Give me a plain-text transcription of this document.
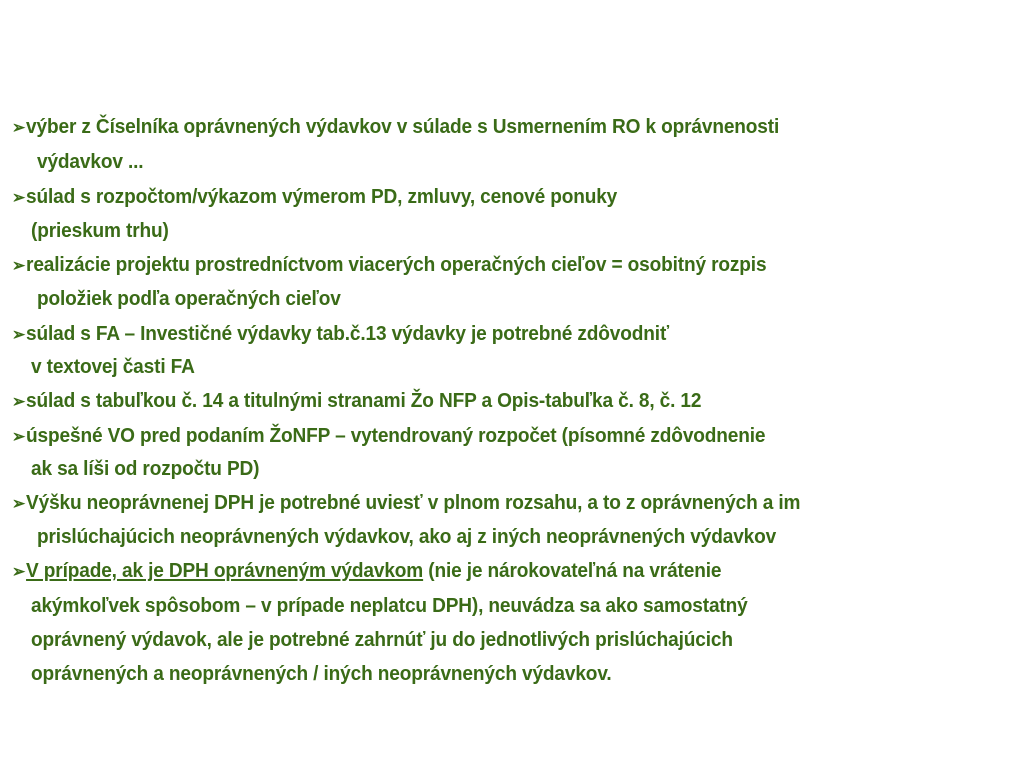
➢výber z Číselníka oprávnených výdavkov v súlade s Usmernením RO k oprávnenosti
výdavkov ...
➢súlad s rozpočtom/výkazom výmerom PD, zmluvy, cenové ponuky
(prieskum trhu)
➢realizácie projektu prostredníctvom viacerých operačných cieľov = osobitný rozpis
položiek podľa operačných cieľov
➢súlad s FA – Investičné výdavky tab.č.13 výdavky je potrebné zdôvodniť
v textovej časti FA
➢súlad s tabuľkou č. 14 a titulnými stranami Žo NFP a Opis-tabuľka č. 8, č. 12
➢úspešné VO pred podaním ŽoNFP – vytendrovaný rozpočet (písomné zdôvodnenie
ak sa líši od rozpočtu PD)
➢Výšku neoprávnenej DPH je potrebné uviesť v plnom rozsahu, a to z oprávnených a im
prislúchajúcich neoprávnených výdavkov, ako aj z iných neoprávnených výdavkov
➢V prípade, ak je DPH oprávneným výdavkom (nie je nárokovateľná na vrátenie
akýmkoľvek spôsobom – v prípade neplatcu DPH), neuvádza sa ako samostatný
oprávnený výdavok, ale je potrebné zahrnúť ju do jednotlivých prislúchajúcich
oprávnených a neoprávnených / iných neoprávnených výdavkov.
